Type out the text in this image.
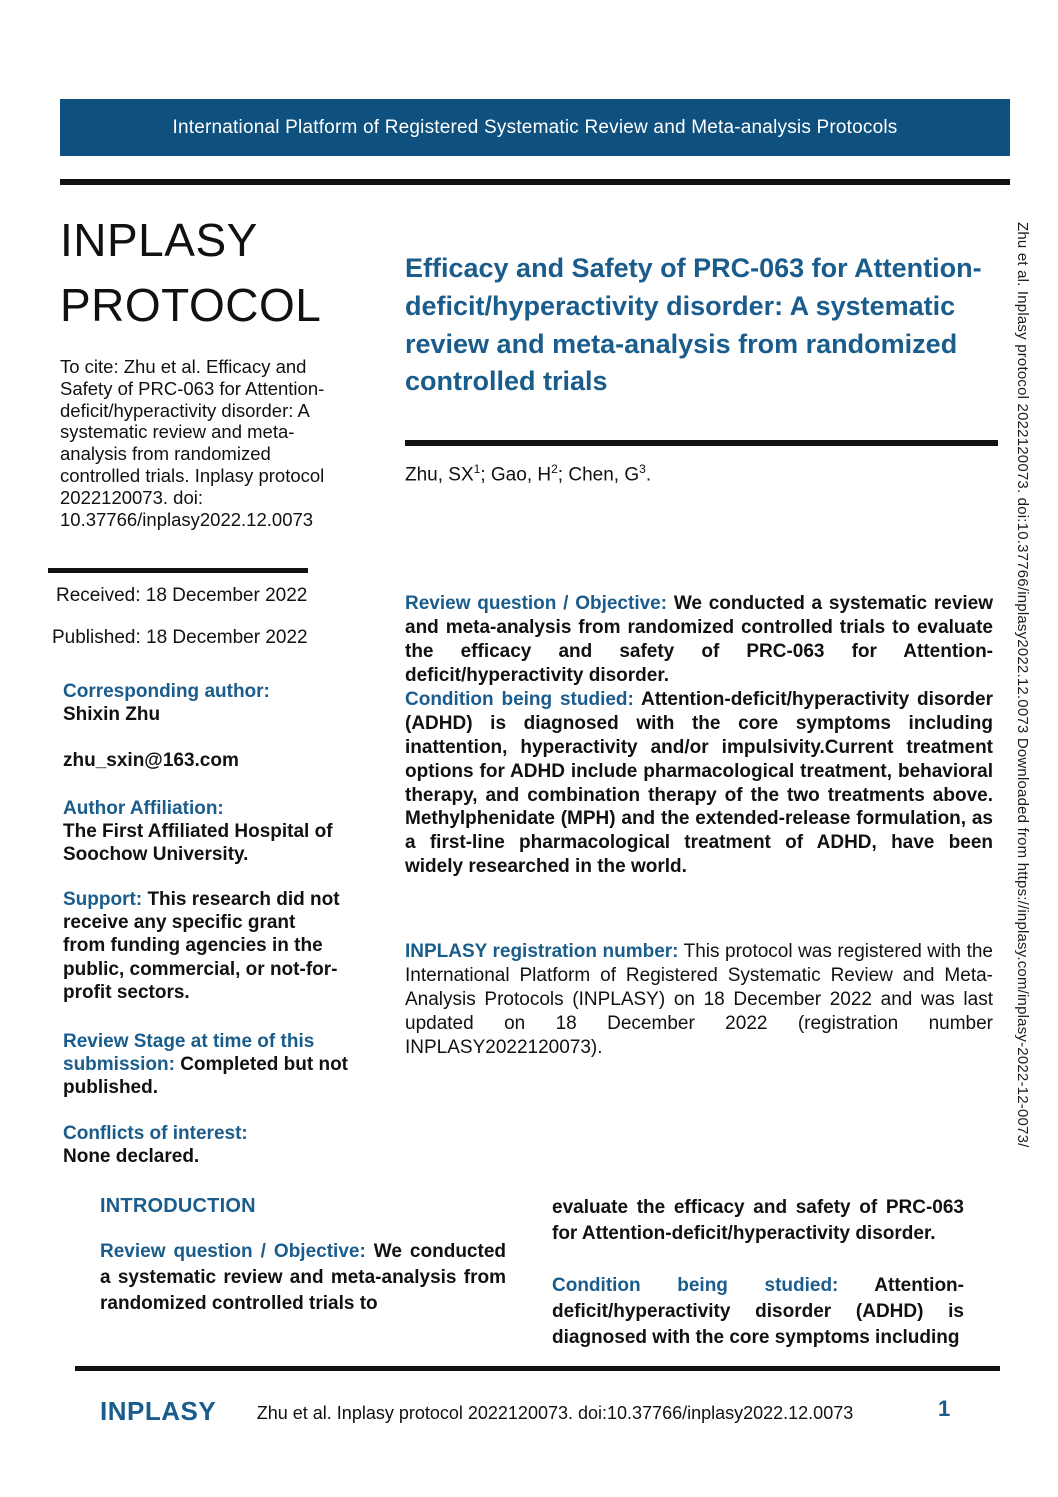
International Platform of Registered Systematic Review and Meta-analysis Protocols
INPLASY
PROTOCOL
To cite: Zhu et al. Efficacy and Safety of PRC-063 for Attention-deficit/hyperactivity disorder: A systematic review and meta-analysis from randomized controlled trials. Inplasy protocol 2022120073. doi: 10.37766/inplasy2022.12.0073
Efficacy and Safety of PRC-063 for Attention-deficit/hyperactivity disorder: A systematic review and meta-analysis from randomized controlled trials
Zhu, $SX^1$; Gao, $H^2$; Chen, $G^3$.
Received: 18 December 2022
Published: 18 December 2022
Corresponding author:
Shixin Zhu
zhu_sxin@163.com
Author Affiliation:
The First Affiliated Hospital of Soochow University.
Support: This research did not receive any specific grant from funding agencies in the public, commercial, or not-for-profit sectors.
Review Stage at time of this submission: Completed but not published.
Conflicts of interest:
None declared.

Review question / Objective: We conducted a systematic review and meta-analysis from randomized controlled trials to evaluate the efficacy and safety of PRC-063 for Attention-deficit/hyperactivity disorder.

Condition being studied: Attention-deficit/hyperactivity disorder (ADHD) is diagnosed with the core symptoms including inattention, hyperactivity and/or impulsivity.Current treatment options for ADHD include pharmacological treatment, behavioral therapy, and combination therapy of the two treatments above. Methylphenidate (MPH) and the extended-release formulation, as a first-line pharmacological treatment of ADHD, have been widely researched in the world.

INPLASY registration number: This protocol was registered with the International Platform of Registered Systematic Review and Meta-Analysis Protocols (INPLASY) on 18 December 2022 and was last updated on 18 December 2022 (registration number INPLASY2022120073).

INTRODUCTION
Review question / Objective: We conducted a systematic review and meta-analysis from randomized controlled trials to
evaluate the efficacy and safety of PRC-063 for Attention-deficit/hyperactivity disorder.
Condition being studied: Attention-deficit/hyperactivity disorder (ADHD) is diagnosed with the core symptoms including
INPLASY	Zhu et al. Inplasy protocol 2022120073. doi:10.37766/inplasy2022.12.0073	1
Zhu et al. Inplasy protocol 2022120073. doi:10.37766/inplasy2022.12.0073 Downloaded from https://inplasy.com/inplasy-2022-12-0073/
